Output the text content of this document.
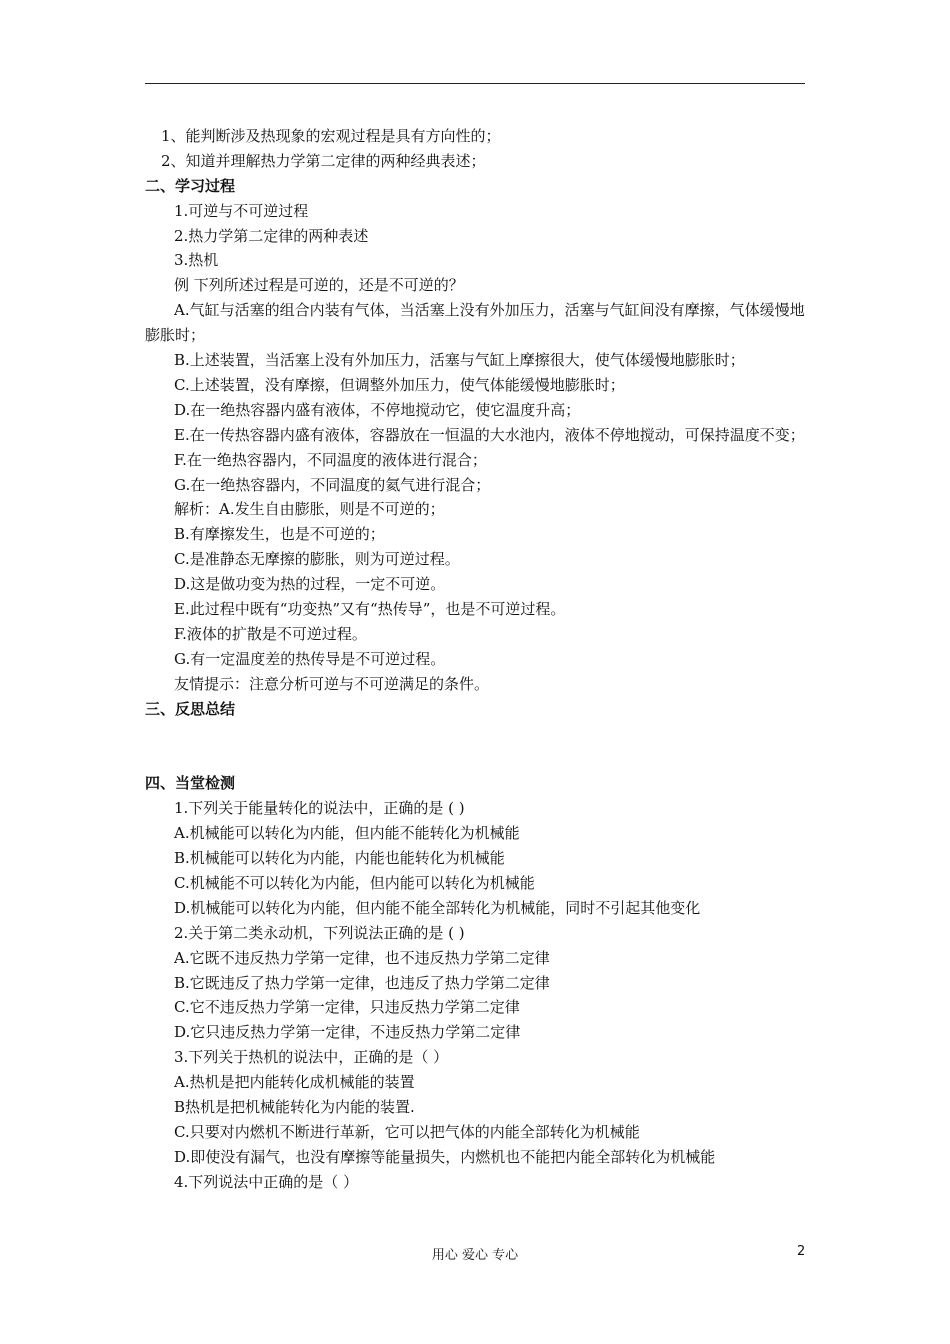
1、能判断涉及热现象的宏观过程是具有方向性的；
2、知道并理解热力学第二定律的两种经典表述；
二、学习过程
1.可逆与不可逆过程
2.热力学第二定律的两种表述
3.热机
例 下列所述过程是可逆的，还是不可逆的？
A.气缸与活塞的组合内装有气体，当活塞上没有外加压力，活塞与气缸间没有摩擦，气体缓慢地膨胀时；
B.上述装置，当活塞上没有外加压力，活塞与气缸上摩擦很大，使气体缓慢地膨胀时；
C.上述装置，没有摩擦，但调整外加压力，使气体能缓慢地膨胀时；
D.在一绝热容器内盛有液体，不停地搅动它，使它温度升高；
E.在一传热容器内盛有液体，容器放在一恒温的大水池内，液体不停地搅动，可保持温度不变；
F.在一绝热容器内，不同温度的液体进行混合；
G.在一绝热容器内，不同温度的氦气进行混合；
解析：A.发生自由膨胀，则是不可逆的；
B.有摩擦发生，也是不可逆的；
C.是准静态无摩擦的膨胀，则为可逆过程。
D.这是做功变为热的过程，一定不可逆。
E.此过程中既有“功变热”又有“热传导”，也是不可逆过程。
F.液体的扩散是不可逆过程。
G.有一定温度差的热传导是不可逆过程。
友情提示：注意分析可逆与不可逆满足的条件。
三、反思总结
四、当堂检测
1.下列关于能量转化的说法中，正确的是 ( )
A.机械能可以转化为内能，但内能不能转化为机械能
B.机械能可以转化为内能，内能也能转化为机械能
C.机械能不可以转化为内能，但内能可以转化为机械能
D.机械能可以转化为内能，但内能不能全部转化为机械能，同时不引起其他变化
2.关于第二类永动机，下列说法正确的是 ( )
A.它既不违反热力学第一定律，也不违反热力学第二定律
B.它既违反了热力学第一定律，也违反了热力学第二定律
C.它不违反热力学第一定律，只违反热力学第二定律
D.它只违反热力学第一定律，不违反热力学第二定律
3.下列关于热机的说法中，正确的是（ ）
A.热机是把内能转化成机械能的装置
B热机是把机械能转化为内能的装置.
C.只要对内燃机不断进行革新，它可以把气体的内能全部转化为机械能
D.即使没有漏气，也没有摩擦等能量损失，内燃机也不能把内能全部转化为机械能
4.下列说法中正确的是（ ）
用心 爱心 专心	2
